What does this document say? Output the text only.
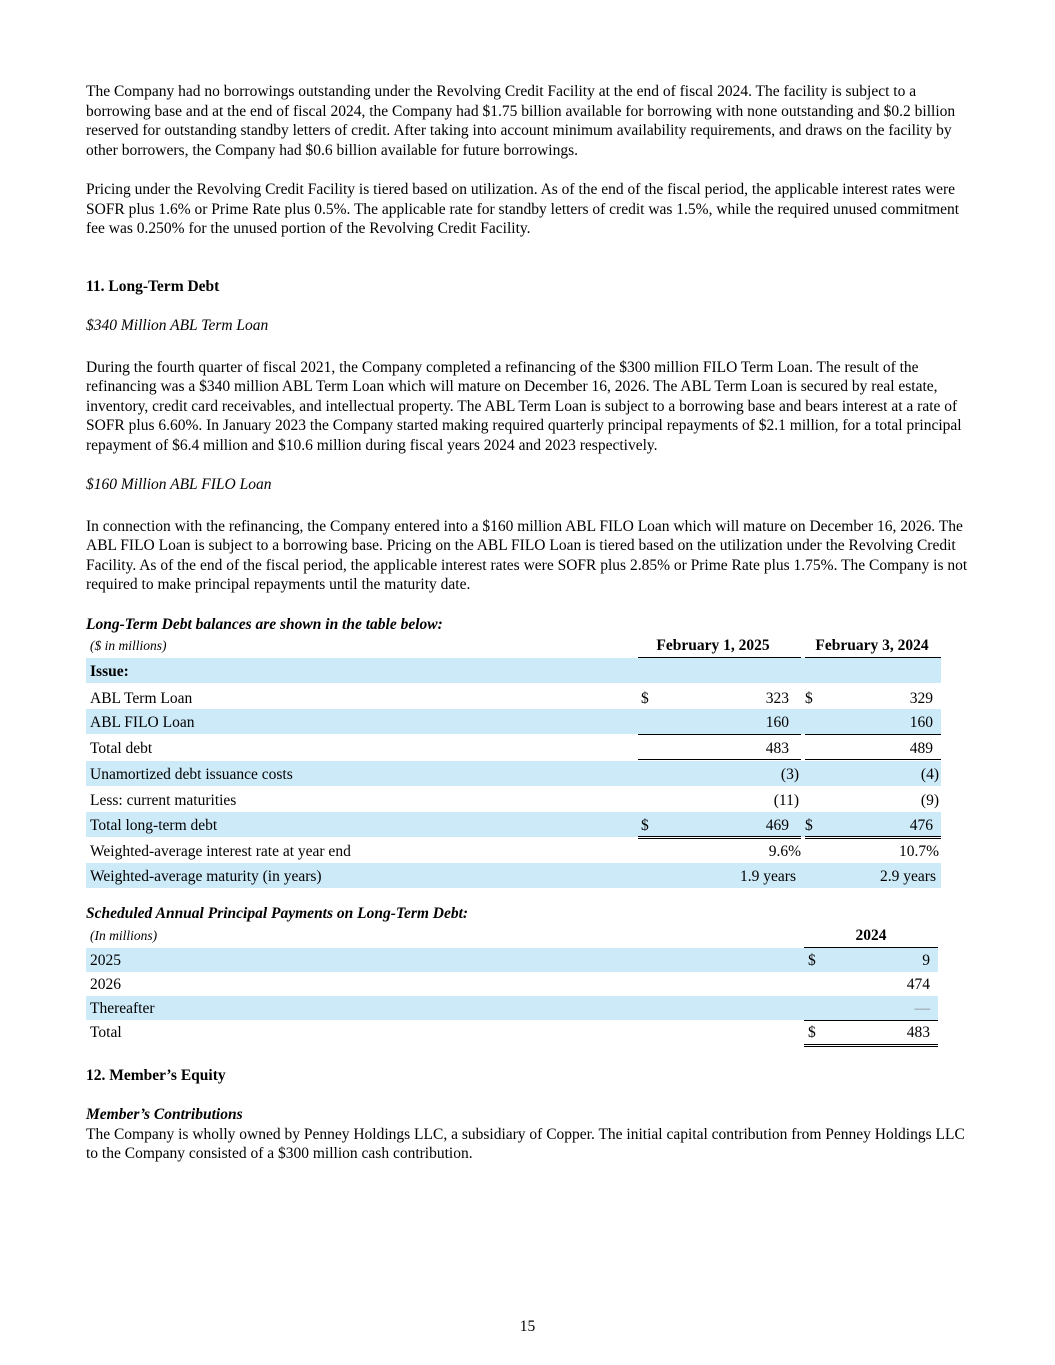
The Company had no borrowings outstanding under the Revolving Credit Facility at the end of fiscal 2024. The facility is subject to a borrowing base and at the end of fiscal 2024, the Company had $1.75 billion available for borrowing with none outstanding and $0.2 billion reserved for outstanding standby letters of credit. After taking into account minimum availability requirements, and draws on the facility by other borrowers, the Company had $0.6 billion available for future borrowings.

Pricing under the Revolving Credit Facility is tiered based on utilization. As of the end of the fiscal period, the applicable interest rates were SOFR plus 1.6% or Prime Rate plus 0.5%. The applicable rate for standby letters of credit was 1.5%, while the required unused commitment fee was 0.250% for the unused portion of the Revolving Credit Facility.

11. Long-Term Debt

$340 Million ABL Term Loan

During the fourth quarter of fiscal 2021, the Company completed a refinancing of the $300 million FILO Term Loan. The result of the refinancing was a $340 million ABL Term Loan which will mature on December 16, 2026. The ABL Term Loan is secured by real estate, inventory, credit card receivables, and intellectual property. The ABL Term Loan is subject to a borrowing base and bears interest at a rate of SOFR plus 6.60%. In January 2023 the Company started making required quarterly principal repayments of $2.1 million, for a total principal repayment of $6.4 million and $10.6 million during fiscal years 2024 and 2023 respectively.

$160 Million ABL FILO Loan

In connection with the refinancing, the Company entered into a $160 million ABL FILO Loan which will mature on December 16, 2026. The ABL FILO Loan is subject to a borrowing base. Pricing on the ABL FILO Loan is tiered based on the utilization under the Revolving Credit Facility. As of the end of the fiscal period, the applicable interest rates were SOFR plus 2.85% or Prime Rate plus 1.75%. The Company is not required to make principal repayments until the maturity date.

Long-Term Debt balances are shown in the table below:

($ in millions)	February 1, 2025	February 3, 2024
Issue:
ABL Term Loan	$	323 $	329
ABL FILO Loan	160	160
Total debt	483	489
Unamortized debt issuance costs	(3)	(4)
Less: current maturities	(11)	(9)
Total long-term debt	$	469 $	476
Weighted-average interest rate at year end	9.6%	10.7%
Weighted-average maturity (in years)	1.9 years	2.9 years

Scheduled Annual Principal Payments on Long-Term Debt:

(In millions)	2024
2025	$	9
2026	474
Thereafter	—
Total	$	483

12. Member’s Equity

Member’s Contributions

The Company is wholly owned by Penney Holdings LLC, a subsidiary of Copper. The initial capital contribution from Penney Holdings LLC to the Company consisted of a $300 million cash contribution.

15
